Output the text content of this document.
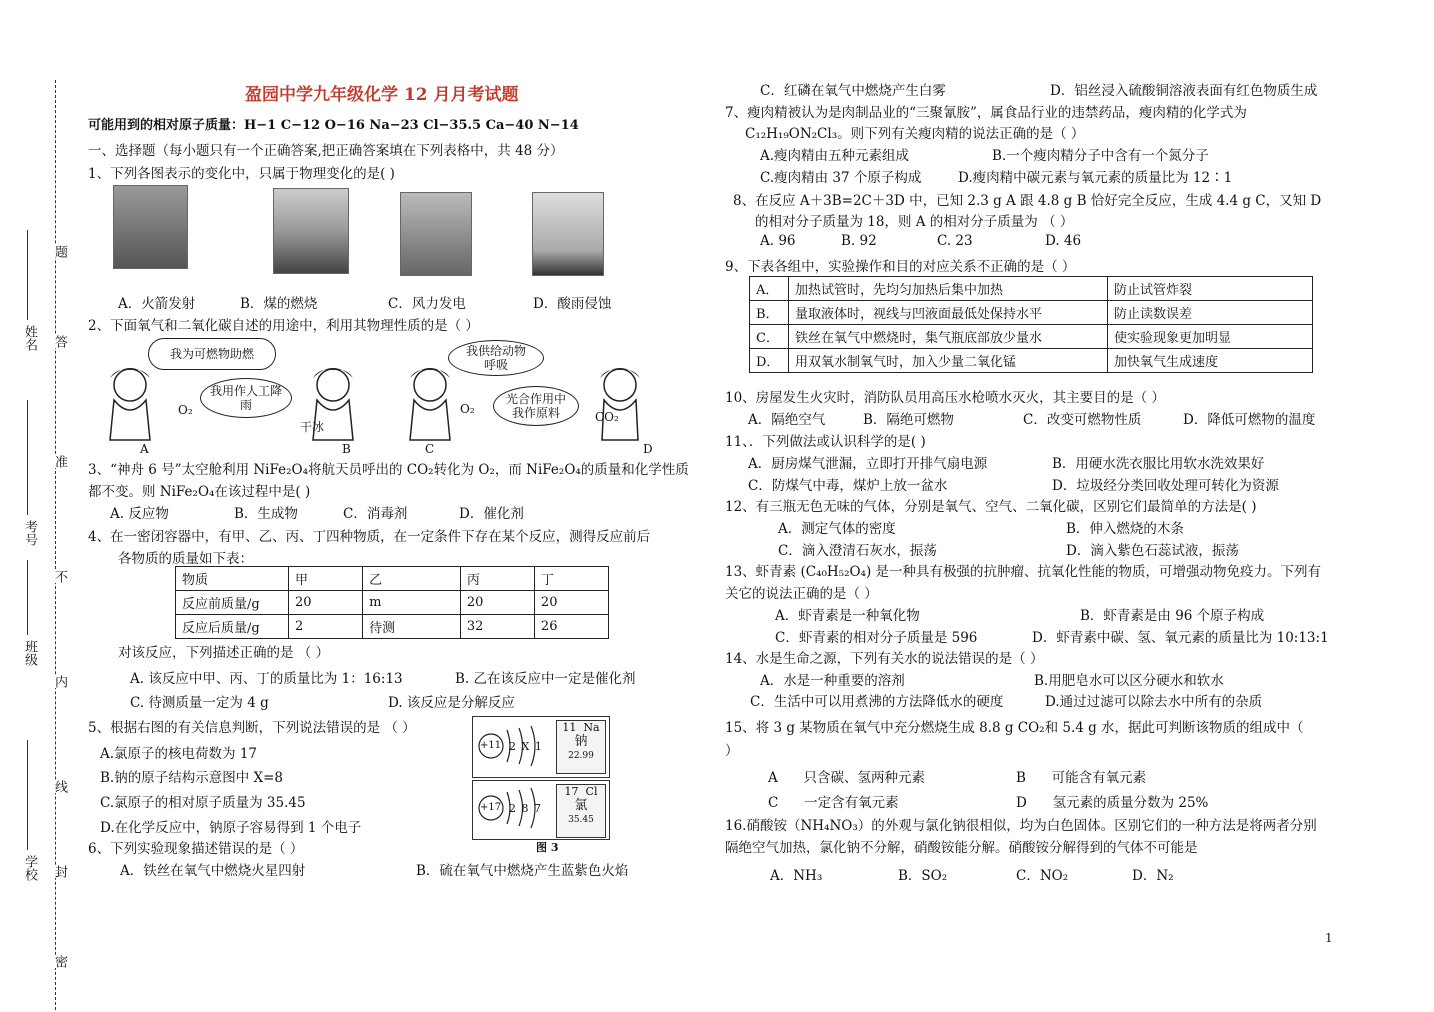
姓名
考号
班级
学校
题
答
准
不
内
线
封
密
盈园中学九年级化学 12 月月考试题
可能用到的相对原子质量：H−1 C−12 O−16 Na−23 Cl−35.5 Ca−40 N−14
一、选择题（每小题只有一个正确答案,把正确答案填在下列表格中，共 48 分）
1、下列各图表示的变化中，只属于物理变化的是( )
A．火箭发射	B．煤的燃烧	C．风力发电	D．酸雨侵蚀
2、下面氧气和二氧化碳自述的用途中，利用其物理性质的是（ ）
我为可燃物助燃
我用作人工降雨
我供给动物呼吸
光合作用中我作原料
O₂
干冰
O₂
CO₂
A	B	C	D
3、“神舟 6 号”太空舱利用 NiFe₂O₄将航天员呼出的 CO₂转化为 O₂，而 NiFe₂O₄的质量和化学性质
都不变。则 NiFe₂O₄在该过程中是( )
A. 反应物	B．生成物	C．消毒剂	D．催化剂
4、在一密闭容器中，有甲、乙、丙、丁四种物质，在一定条件下存在某个反应，测得反应前后
各物质的质量如下表：
物质	甲	乙	丙	丁
反应前质量/g	20	m	20	20
反应后质量/g	2	待测	32	26
对该反应，下列描述正确的是 （ ）
A. 该反应中甲、丙、丁的质量比为 1：16:13	B. 乙在该反应中一定是催化剂
C. 待测质量一定为 4 g	D. 该反应是分解反应
5、根据右图的有关信息判断，下列说法错误的是 （ ）
A.氯原子的核电荷数为 17
B.钠的原子结构示意图中 X=8
C.氯原子的相对原子质量为 35.45
D.在化学反应中，钠原子容易得到 1 个电子
+11 2 X 1
+17 2 8 7
11 Na
钠
22.99
17 Cl
氯
35.45
图 3
6、下列实验现象描述错误的是（ ）
A．铁丝在氧气中燃烧火星四射	B．硫在氧气中燃烧产生蓝紫色火焰
C．红磷在氧气中燃烧产生白雾	D．铝丝浸入硫酸铜溶液表面有红色物质生成
7、瘦肉精被认为是肉制品业的“三聚氰胺”，属食品行业的违禁药品，瘦肉精的化学式为
C₁₂H₁₉ON₂Cl₃。则下列有关瘦肉精的说法正确的是（ ）
A.瘦肉精由五种元素组成	B.一个瘦肉精分子中含有一个氮分子
C.瘦肉精由 37 个原子构成	D.瘦肉精中碳元素与氧元素的质量比为 12∶1
8、在反应 A＋3B=2C＋3D 中，已知 2.3 g A 跟 4.8 g B 恰好完全反应，生成 4.4 g C，又知 D
的相对分子质量为 18，则 A 的相对分子质量为 （ ）
A. 96	B. 92	C. 23	D. 46
9、下表各组中，实验操作和目的对应关系不正确的是（ ）
A．	加热试管时，先均匀加热后集中加热	防止试管炸裂
B．	量取液体时，视线与凹液面最低处保持水平	防止读数误差
C．	铁丝在氧气中燃烧时，集气瓶底部放少量水	使实验现象更加明显
D．	用双氧水制氧气时，加入少量二氧化锰	加快氧气生成速度
10、房屋发生火灾时，消防队员用高压水枪喷水灭火，其主要目的是（ ）
A．隔绝空气	B．隔绝可燃物	C．改变可燃物性质	D．降低可燃物的温度
11、．下列做法或认识科学的是( )
A．厨房煤气泄漏，立即打开排气扇电源	B．用硬水洗衣服比用软水洗效果好
C．防煤气中毒，煤炉上放一盆水	D．垃圾经分类回收处理可转化为资源
12、有三瓶无色无味的气体，分别是氧气、空气、二氧化碳，区别它们最简单的方法是( )
A．测定气体的密度	B．伸入燃烧的木条
C．滴入澄清石灰水，振荡	D．滴入紫色石蕊试液，振荡
13、虾青素 (C₄₀H₅₂O₄) 是一种具有极强的抗肿瘤、抗氧化性能的物质，可增强动物免疫力。下列有
关它的说法正确的是（ ）
A．虾青素是一种氧化物	B．虾青素是由 96 个原子构成
C．虾青素的相对分子质量是 596	D．虾青素中碳、氢、氧元素的质量比为 10:13:1
14、水是生命之源，下列有关水的说法错误的是（ ）
A．水是一种重要的溶剂	B.用肥皂水可以区分硬水和软水
C．生活中可以用煮沸的方法降低水的硬度	D.通过过滤可以除去水中所有的杂质
15、将 3 g 某物质在氧气中充分燃烧生成 8.8 g CO₂和 5.4 g 水，据此可判断该物质的组成中（
）
A      只含碳、氢两种元素	B      可能含有氧元素
C      一定含有氧元素	D      氢元素的质量分数为 25%
16.硝酸铵（NH₄NO₃）的外观与氯化钠很相似，均为白色固体。区别它们的一种方法是将两者分别
隔绝空气加热，氯化钠不分解，硝酸铵能分解。硝酸铵分解得到的气体不可能是
A．NH₃	B．SO₂	C．NO₂	D．N₂
1
